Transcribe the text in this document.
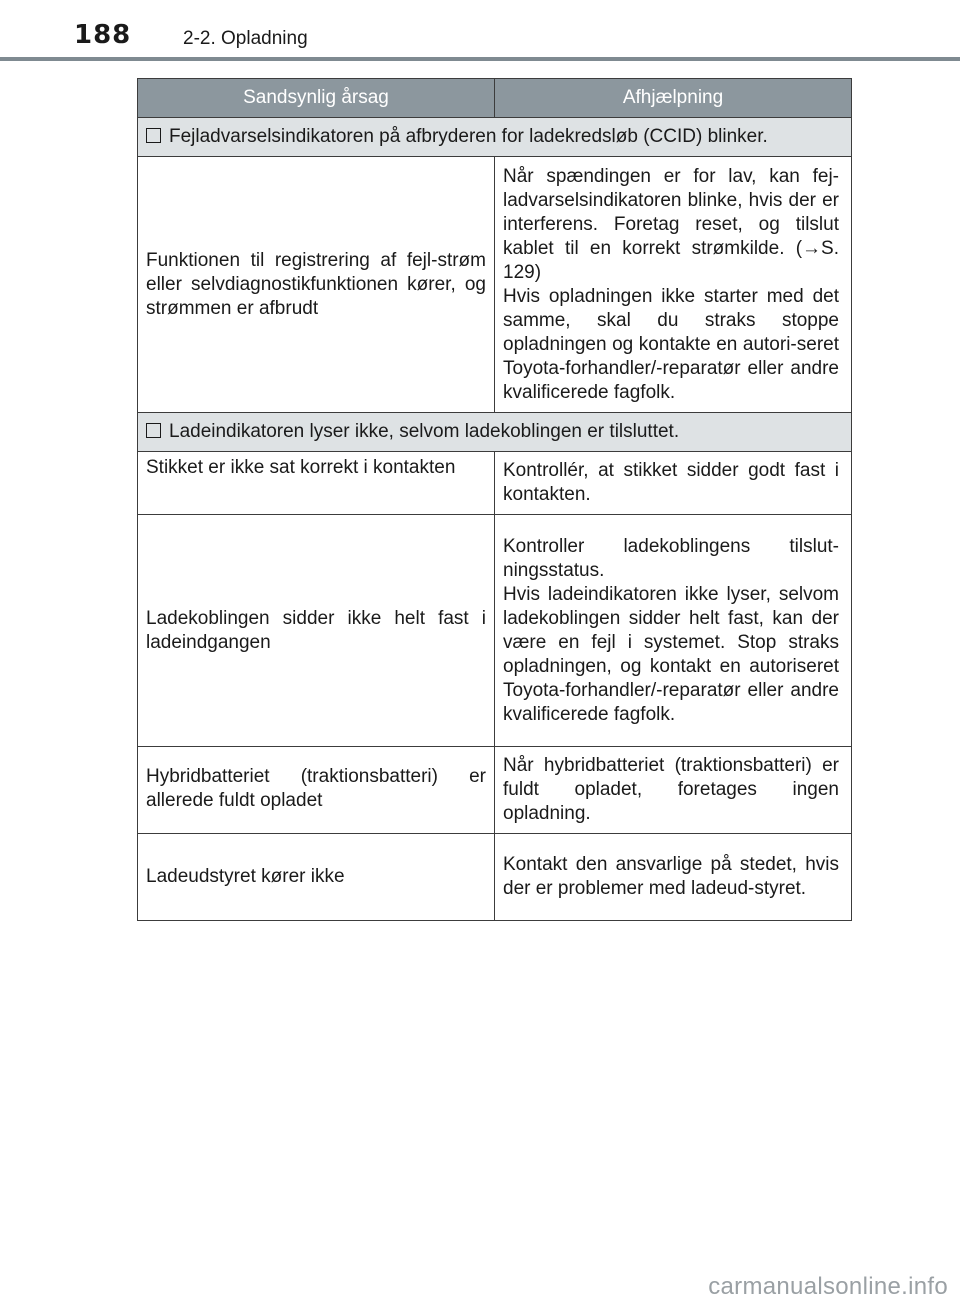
188	2-2. Opladning
Sandsynlig årsag	Afhjælpning
Fejladvarselsindikatoren på afbryderen for ladekredsløb (CCID) blinker.	
Funktionen til registrering af fejl-strøm eller selvdiagnostikfunktionen kører, og strømmen er afbrudt	Når spændingen er for lav, kan fej-ladvarselsindikatoren blinke, hvis der er interferens. Foretag reset, og tilslut kablet til en korrekt strømkilde. (→S. 129)
Hvis opladningen ikke starter med det samme, skal du straks stoppe opladningen og kontakte en autori-seret Toyota-forhandler/-reparatør eller andre kvalificerede fagfolk.

Ladeindikatoren lyser ikke, selvom ladekoblingen er tilsluttet.	
Stikket er ikke sat korrekt i kontakten	Kontrollér, at stikket sidder godt fast i kontakten.

Ladekoblingen sidder ikke helt fast i ladeindgangen	Kontroller ladekoblingens tilslut-ningsstatus.
Hvis ladeindikatoren ikke lyser, selvom ladekoblingen sidder helt fast, kan der være en fejl i systemet. Stop straks opladningen, og kontakt en autoriseret Toyota-forhandler/-reparatør eller andre kvalificerede fagfolk.

Hybridbatteriet (traktionsbatteri) er allerede fuldt opladet	Når hybridbatteriet (traktionsbatteri) er fuldt opladet, foretages ingen opladning.

Ladeudstyret kører ikke	Kontakt den ansvarlige på stedet, hvis der er problemer med ladeud-styret.
carmanualsonline.info
